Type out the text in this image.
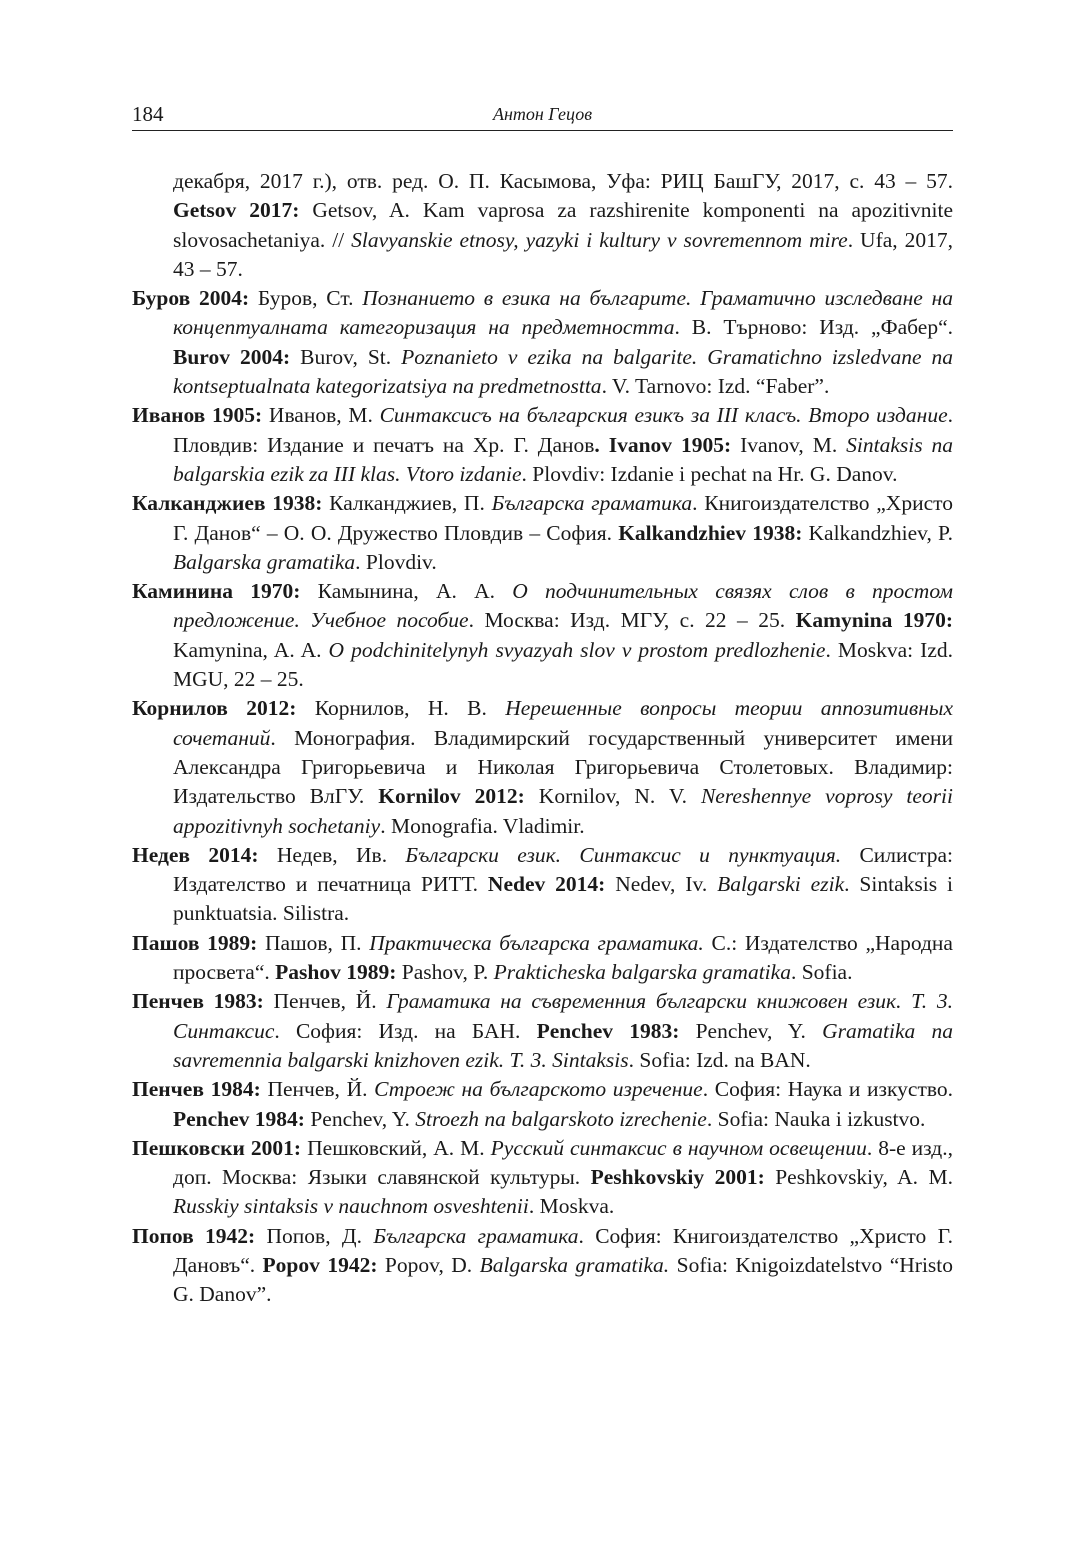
184	Антон Гецов

декабря, 2017 г.), отв. ред. О. П. Касымова, Уфа: РИЦ БашГУ, 2017, с. 43 – 57. Getsov 2017: Getsov, A. Kam vaprosa za razshirenite komponenti na apozitivnite slovosachetaniya. // Slavyanskie etnosy, yazyki i kultury v sovremennom mire. Ufa, 2017, 43 – 57.

Буров 2004: Буров, Ст. Познанието в езика на българите. Граматично изследване на концептуалната категоризация на предметността. В. Търново: Изд. „Фабер“. Burov 2004: Burov, St. Poznanieto v ezika na balgarite. Gramatichno izsledvane na kontseptualnata kategorizatsiya na predmetnostta. V. Tarnovo: Izd. “Faber”.

Иванов 1905: Иванов, М. Синтаксисъ на българския езикъ за III класъ. Второ издание. Пловдив: Издание и печатъ на Хр. Г. Данов. Ivanov 1905: Ivanov, M. Sintaksis na balgarskia ezik za III klas. Vtoro izdanie. Plovdiv: Izdanie i pechat na Hr. G. Danov.

Калканджиев 1938: Калканджиев, П. Българска граматика. Книгоиздателство „Христо Г. Данов“ – О. О. Дружество Пловдив – София. Kalkandzhiev 1938: Kalkandzhiev, P. Balgarska gramatika. Plovdiv.

Каминина 1970: Камынина, А. А. О подчинительных связях слов в простом предложение. Учебное пособие. Москва: Изд. МГУ, с. 22 – 25. Kamynina 1970: Kamynina, A. A. O podchinitelynyh svyazyah slov v prostom predlozhenie. Moskva: Izd. MGU, 22 – 25.

Корнилов 2012: Корнилов, Н. В. Нерешенные вопросы теории аппозитивных сочетаний. Монография. Владимирский государственный университет имени Александра Григорьевича и Николая Григорьевича Столетовых. Владимир: Издательство ВлГУ. Kornilov 2012: Kornilov, N. V. Nereshennye voprosy teorii appozitivnyh sochetaniy. Monografia. Vladimir.

Недев 2014: Недев, Ив. Български език. Синтаксис и пунктуация. Силистра: Издателство и печатница РИТТ. Nedev 2014: Nedev, Iv. Balgarski ezik. Sintaksis i punktuatsia. Silistra.

Пашов 1989: Пашов, П. Практическа българска граматика. С.: Издателство „Народна просвета“. Pashov 1989: Pashov, P. Prakticheska balgarska gramatika. Sofia.

Пенчев 1983: Пенчев, Й. Граматика на съвременния български книжовен език. Т. 3. Синтаксис. София: Изд. на БАН. Penchev 1983: Penchev, Y. Gramatika na savremennia balgarski knizhoven ezik. T. 3. Sintaksis. Sofia: Izd. na BAN.

Пенчев 1984: Пенчев, Й. Строеж на българското изречение. София: Наука и изкуство. Penchev 1984: Penchev, Y. Stroezh na balgarskoto izrechenie. Sofia: Nauka i izkustvo.

Пешковски 2001: Пешковский, А. М. Русский синтаксис в научном освещении. 8-е изд., доп. Москва: Языки славянской культуры. Peshkovskiy 2001: Peshkovskiy, A. M. Russkiy sintaksis v nauchnom osveshtenii. Moskva.

Попов 1942: Попов, Д. Българска граматика. София: Книгоиздателство „Христо Г. Дановъ“. Popov 1942: Popov, D. Balgarska gramatika. Sofia: Knigoizdatelstvo “Hristo G. Danov”.
